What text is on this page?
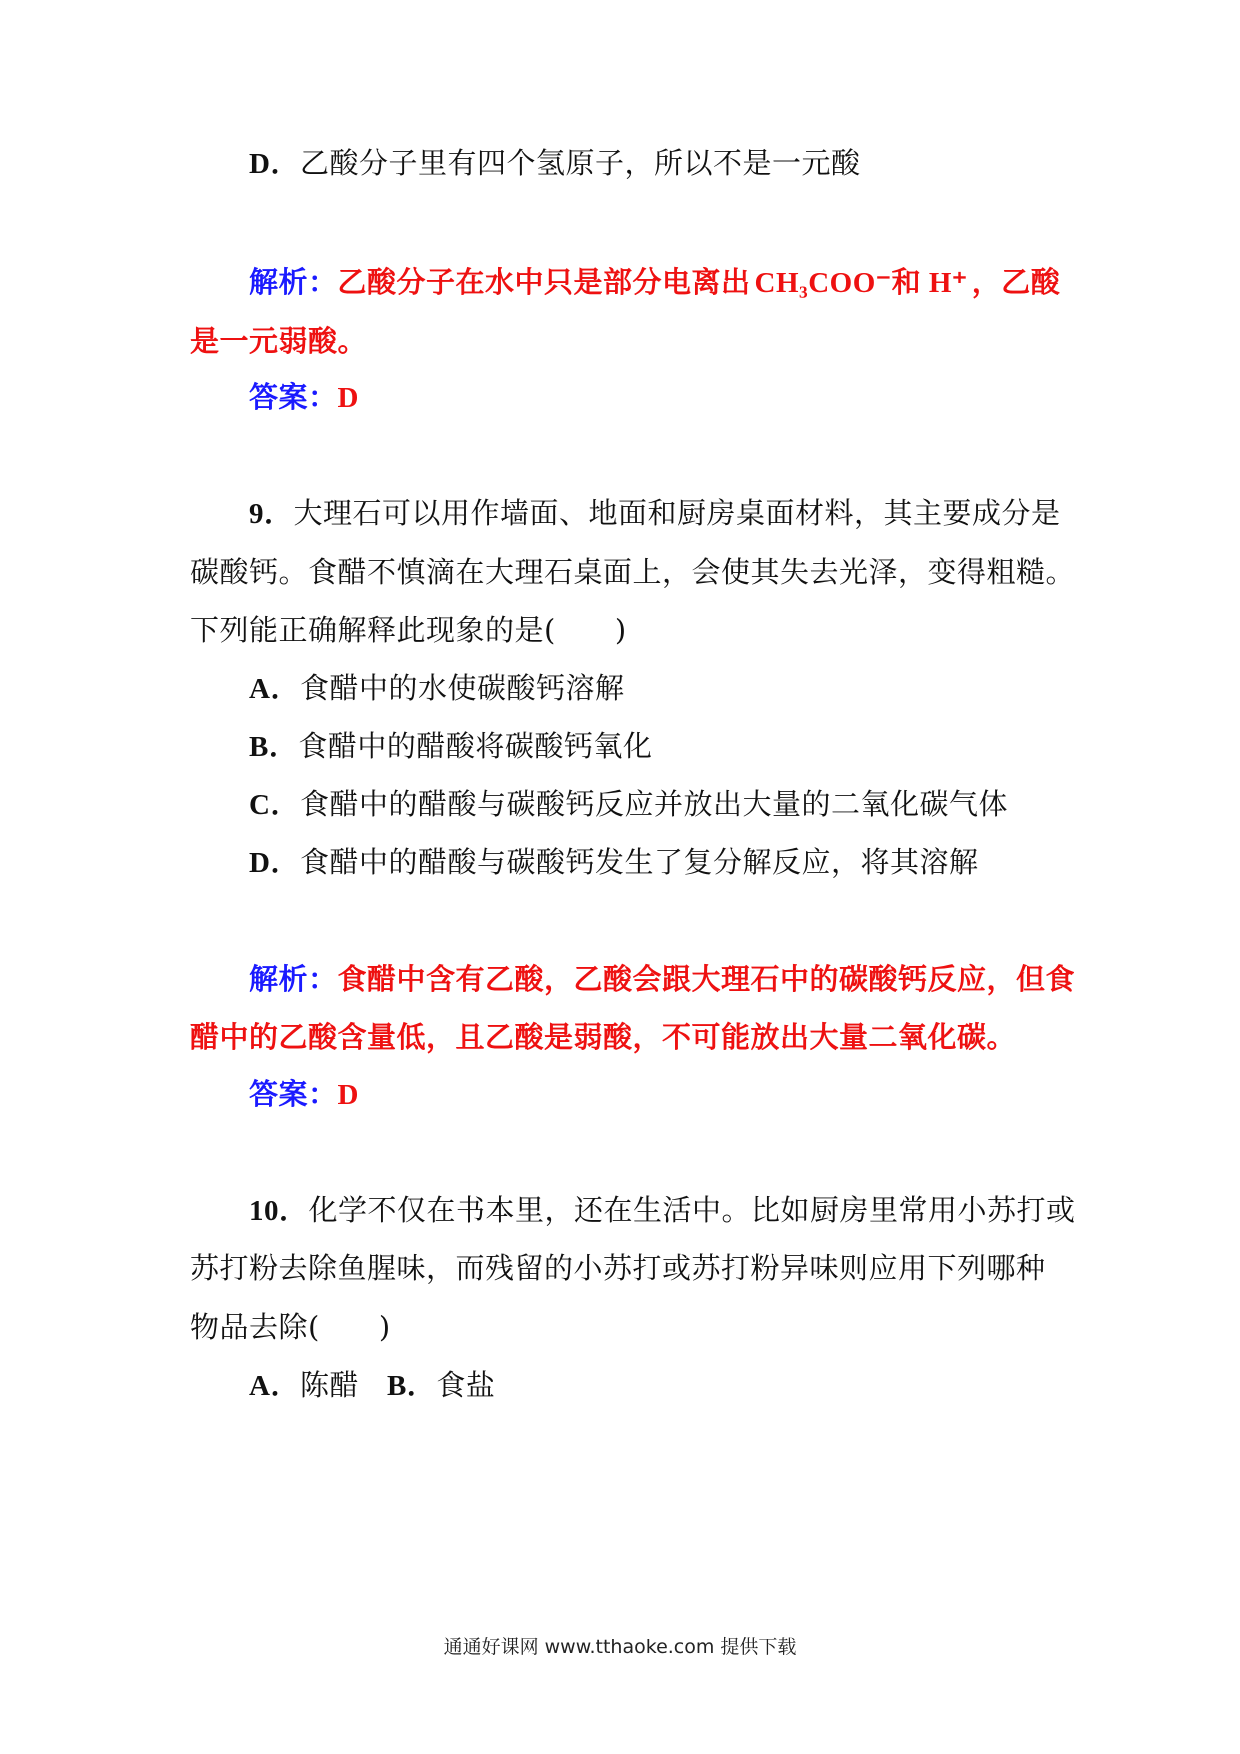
D．乙酸分子里有四个氢原子，所以不是一元酸
解析：乙酸分子在水中只是部分电离出 CH₃COO⁻和 H⁺ ，乙酸
是一元弱酸。
答案：D
9．大理石可以用作墙面、地面和厨房桌面材料，其主要成分是
碳酸钙。食醋不慎滴在大理石桌面上，会使其失去光泽，变得粗糙。
下列能正确解释此现象的是(　　)
A．食醋中的水使碳酸钙溶解
B．食醋中的醋酸将碳酸钙氧化
C．食醋中的醋酸与碳酸钙反应并放出大量的二氧化碳气体
D．食醋中的醋酸与碳酸钙发生了复分解反应，将其溶解
解析：食醋中含有乙酸，乙酸会跟大理石中的碳酸钙反应，但食
醋中的乙酸含量低，且乙酸是弱酸，不可能放出大量二氧化碳。
答案：D
10．化学不仅在书本里，还在生活中。比如厨房里常用小苏打或
苏打粉去除鱼腥味，而残留的小苏打或苏打粉异味则应用下列哪种
物品去除(　　)
A．陈醋 B．食盐
通通好课网 www.tthaoke.com 提供下载
